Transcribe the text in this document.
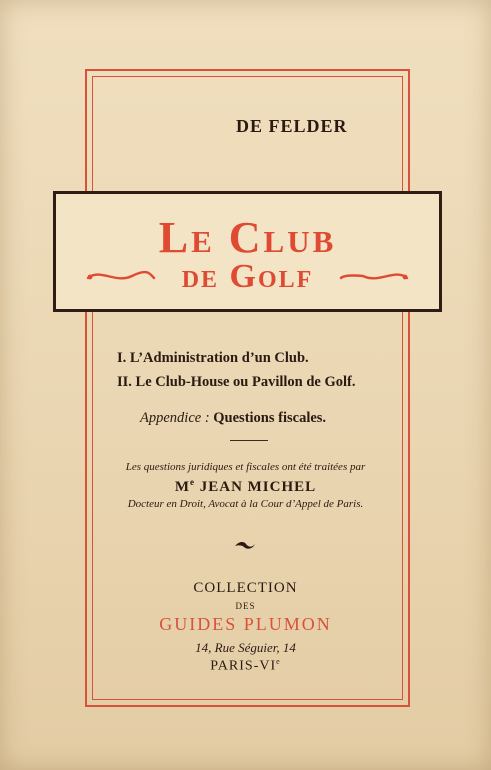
DE FELDER
Le Club
de Golf
I. L’Administration d’un Club.
II. Le Club-House ou Pavillon de Golf.
Appendice : Questions fiscales.
Les questions juridiques et fiscales ont été traitées par
Me JEAN MICHEL
Docteur en Droit, Avocat à la Cour d’Appel de Paris.
COLLECTION
DES
GUIDES PLUMON
14, Rue Séguier, 14
PARIS-VIe
